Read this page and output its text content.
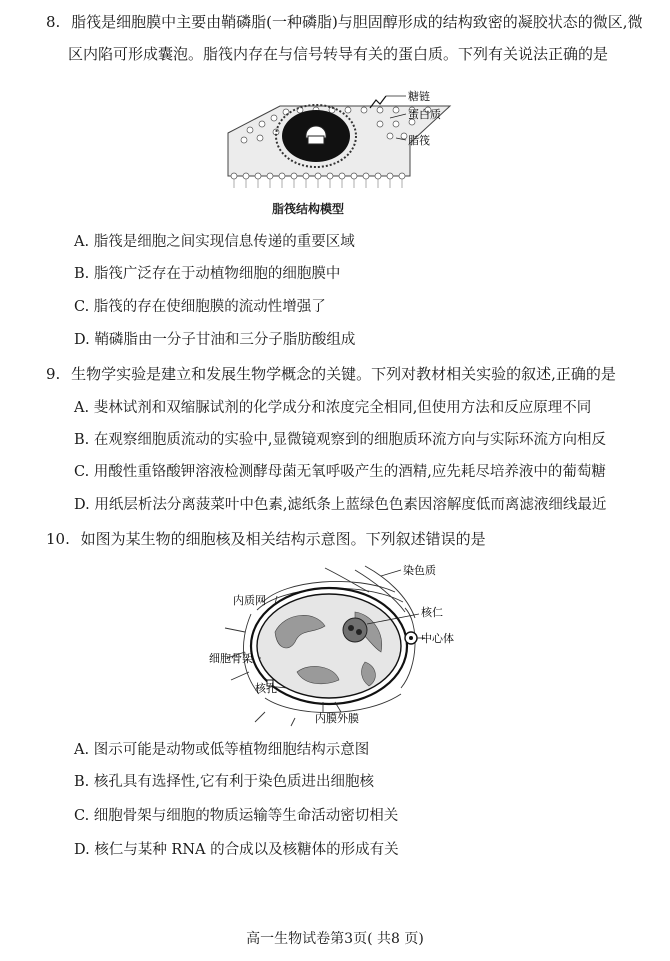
8. 脂筏是细胞膜中主要由鞘磷脂(一种磷脂)与胆固醇形成的结构致密的凝胶状态的微区,微
区内陷可形成囊泡。脂筏内存在与信号转导有关的蛋白质。下列有关说法正确的是
糖链
蛋白质
脂筏
脂筏结构模型
A. 脂筏是细胞之间实现信息传递的重要区域
B. 脂筏广泛存在于动植物细胞的细胞膜中
C. 脂筏的存在使细胞膜的流动性增强了
D. 鞘磷脂由一分子甘油和三分子脂肪酸组成
9. 生物学实验是建立和发展生物学概念的关键。下列对教材相关实验的叙述,正确的是
A. 斐林试剂和双缩脲试剂的化学成分和浓度完全相同,但使用方法和反应原理不同
B. 在观察细胞质流动的实验中,显微镜观察到的细胞质环流方向与实际环流方向相反
C. 用酸性重铬酸钾溶液检测酵母菌无氧呼吸产生的酒精,应先耗尽培养液中的葡萄糖
D. 用纸层析法分离菠菜叶中色素,滤纸条上蓝绿色色素因溶解度低而离滤液细线最近
10. 如图为某生物的细胞核及相关结构示意图。下列叙述错误的是
染色质
内质网
核仁
中心体
细胞骨架
核孔
内膜外膜
A. 图示可能是动物或低等植物细胞结构示意图
B. 核孔具有选择性,它有利于染色质进出细胞核
C. 细胞骨架与细胞的物质运输等生命活动密切相关
D. 核仁与某种 RNA 的合成以及核糖体的形成有关
高一生物试卷第3页( 共8 页)
